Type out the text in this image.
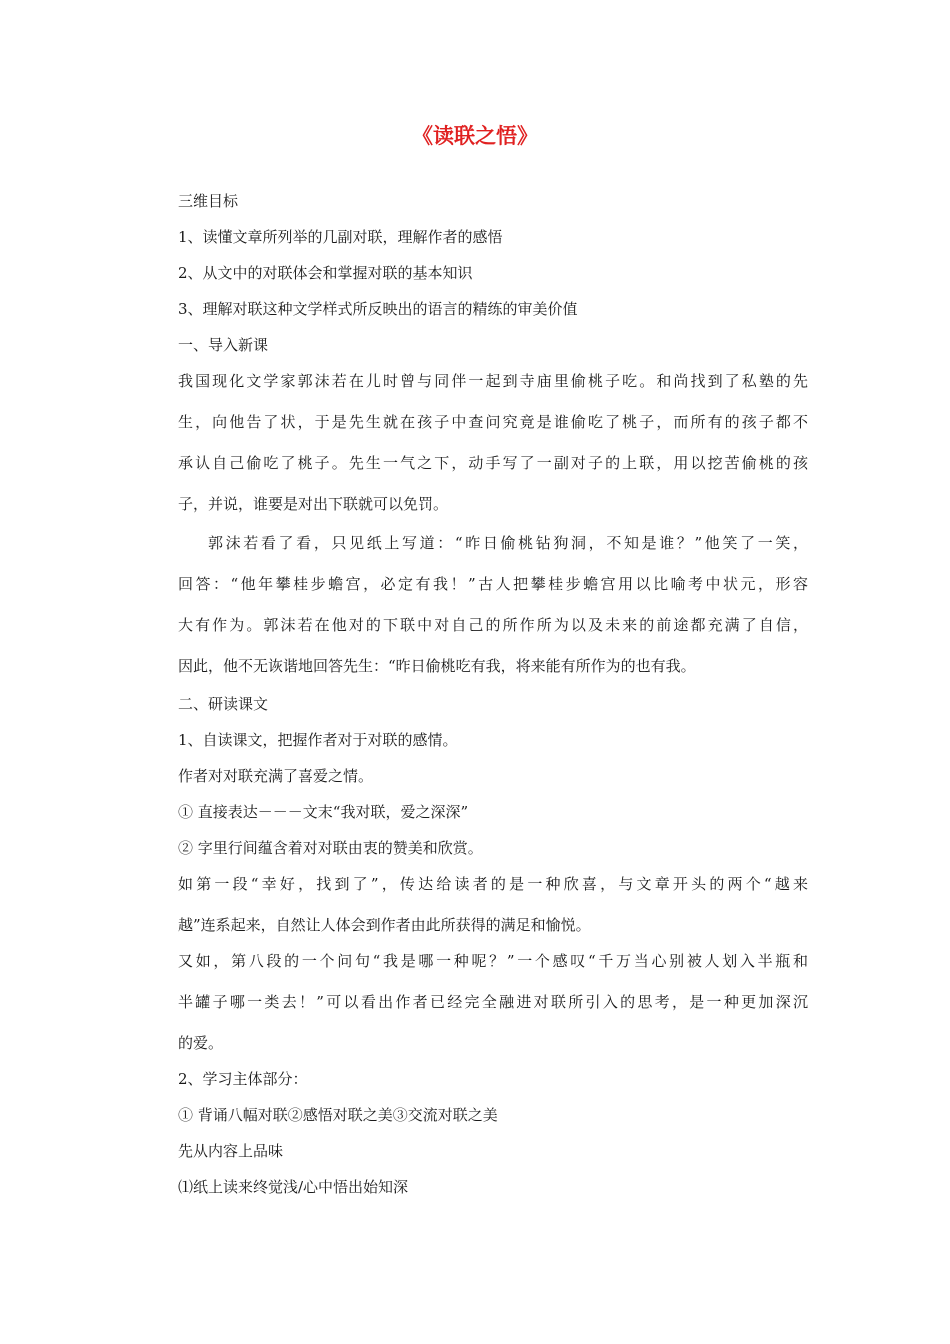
《读联之悟》
三维目标
1、读懂文章所列举的几副对联，理解作者的感悟
2、从文中的对联体会和掌握对联的基本知识
3、理解对联这种文学样式所反映出的语言的精练的审美价值
一、导入新课
我国现化文学家郭沫若在儿时曾与同伴一起到寺庙里偷桃子吃。和尚找到了私塾的先
生，向他告了状，于是先生就在孩子中查问究竟是谁偷吃了桃子，而所有的孩子都不
承认自己偷吃了桃子。先生一气之下，动手写了一副对子的上联，用以挖苦偷桃的孩
子，并说，谁要是对出下联就可以免罚。
郭沫若看了看，只见纸上写道：“昨日偷桃钻狗洞，不知是谁？”他笑了一笑，
回答：“他年攀桂步蟾宫，必定有我！”古人把攀桂步蟾宫用以比喻考中状元，形容
大有作为。郭沫若在他对的下联中对自己的所作所为以及未来的前途都充满了自信，
因此，他不无诙谐地回答先生：“昨日偷桃吃有我，将来能有所作为的也有我。
二、研读课文
1、自读课文，把握作者对于对联的感情。
作者对对联充满了喜爱之情。
① 直接表达－－－文末“我对联，爱之深深”
② 字里行间蕴含着对对联由衷的赞美和欣赏。
如第一段“幸好，找到了”，传达给读者的是一种欣喜，与文章开头的两个“越来
越”连系起来，自然让人体会到作者由此所获得的满足和愉悦。
又如，第八段的一个问句“我是哪一种呢？”一个感叹“千万当心别被人划入半瓶和
半罐子哪一类去！”可以看出作者已经完全融进对联所引入的思考，是一种更加深沉
的爱。
2、学习主体部分：
① 背诵八幅对联②感悟对联之美③交流对联之美
先从内容上品味
⑴纸上读来终觉浅/心中悟出始知深
